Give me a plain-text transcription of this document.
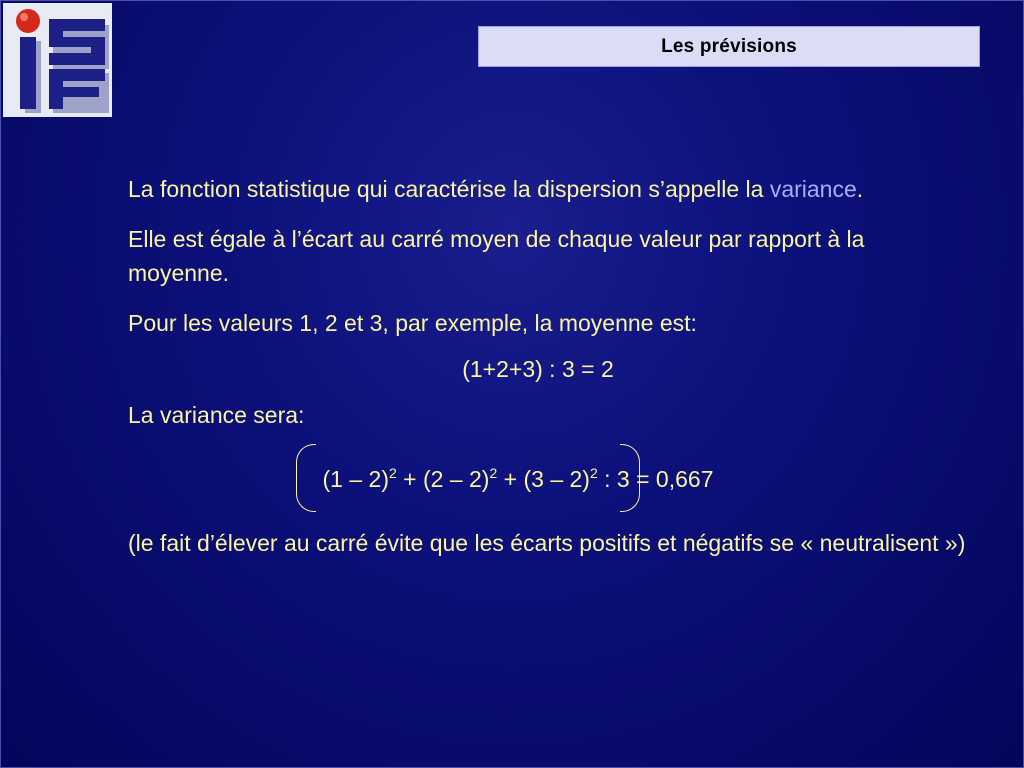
Les prévisions

La fonction statistique qui caractérise la dispersion s’appelle la variance.

Elle est égale à l’écart au carré moyen de chaque valeur par rapport à la moyenne.

Pour les valeurs 1, 2 et 3, par exemple, la moyenne est:

(1+2+3) : 3 = 2

La variance sera:

(1 – 2)$^2$ + (2 – 2)$^2$ + (3 – 2)$^2$ : 3 = 0,667

(le fait d’élever au carré évite que les écarts positifs et négatifs se « neutralisent »)
